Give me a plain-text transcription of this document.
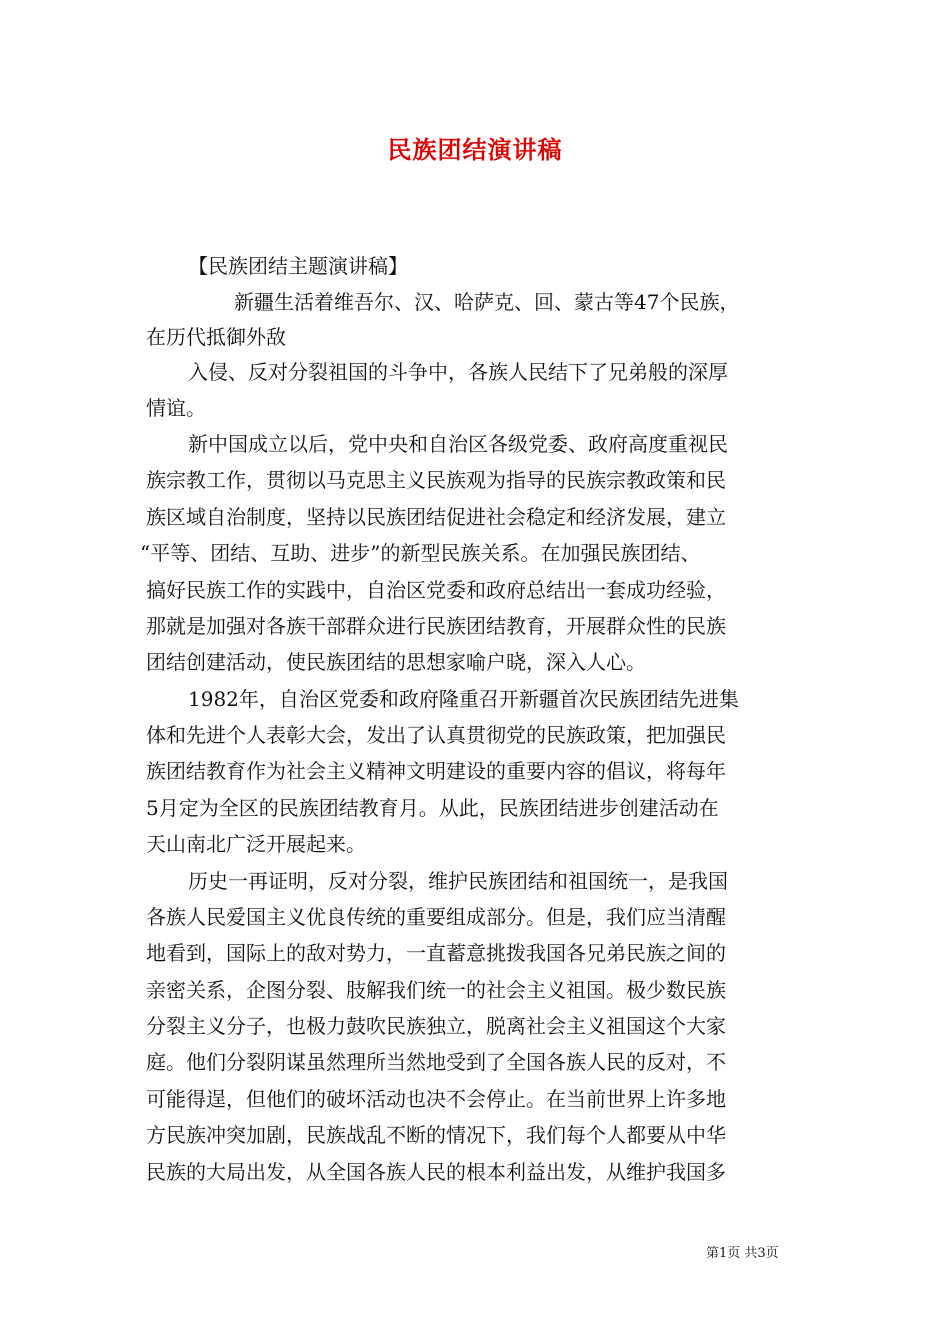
民族团结演讲稿
【民族团结主题演讲稿】
新疆生活着维吾尔、汉、哈萨克、回、蒙古等47个民族，
在历代抵御外敌
入侵、反对分裂祖国的斗争中，各族人民结下了兄弟般的深厚
情谊。
新中国成立以后，党中央和自治区各级党委、政府高度重视民
族宗教工作，贯彻以马克思主义民族观为指导的民族宗教政策和民
族区域自治制度，坚持以民族团结促进社会稳定和经济发展，建立
“平等、团结、互助、进步”的新型民族关系。在加强民族团结、
搞好民族工作的实践中，自治区党委和政府总结出一套成功经验，
那就是加强对各族干部群众进行民族团结教育，开展群众性的民族
团结创建活动，使民族团结的思想家喻户晓，深入人心。
1982年，自治区党委和政府隆重召开新疆首次民族团结先进集
体和先进个人表彰大会，发出了认真贯彻党的民族政策，把加强民
族团结教育作为社会主义精神文明建设的重要内容的倡议，将每年
5月定为全区的民族团结教育月。从此，民族团结进步创建活动在
天山南北广泛开展起来。
历史一再证明，反对分裂，维护民族团结和祖国统一，是我国
各族人民爱国主义优良传统的重要组成部分。但是，我们应当清醒
地看到，国际上的敌对势力，一直蓄意挑拨我国各兄弟民族之间的
亲密关系，企图分裂、肢解我们统一的社会主义祖国。极少数民族
分裂主义分子，也极力鼓吹民族独立，脱离社会主义祖国这个大家
庭。他们分裂阴谋虽然理所当然地受到了全国各族人民的反对，不
可能得逞，但他们的破坏活动也决不会停止。在当前世界上许多地
方民族冲突加剧，民族战乱不断的情况下，我们每个人都要从中华
民族的大局出发，从全国各族人民的根本利益出发，从维护我国多
第1页 共3页
